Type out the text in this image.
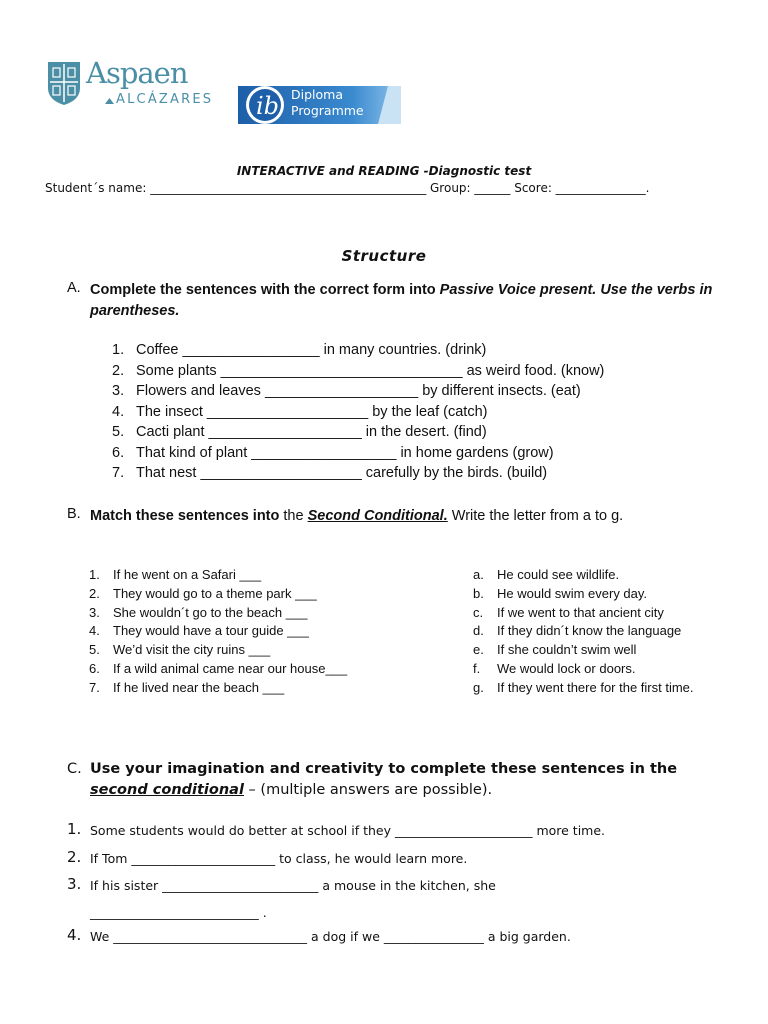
Aspaen
ALCÁZARES ib Diploma
Programme
INTERACTIVE and READING -Diagnostic test
Student´s name: ______________________________________________ Group: ______ Score: _______________.
Structure
A. Complete the sentences with the correct form into Passive Voice present. Use the verbs in parentheses.
1. Coffee _________________ in many countries. (drink)
2. Some plants ______________________________ as weird food. (know)
3. Flowers and leaves ___________________ by different insects. (eat)
4. The insect ____________________ by the leaf (catch)
5. Cacti plant ___________________ in the desert. (find)
6. That kind of plant __________________ in home gardens (grow)
7. That nest ____________________ carefully by the birds. (build)
B. Match these sentences into the Second Conditional. Write the letter from a to g.
1. If he went on a Safari ___
2. They would go to a theme park ___
3. She wouldn´t go to the beach ___
4. They would have a tour guide ___
5. We’d visit the city ruins ___
6. If a wild animal came near our house___
7. If he lived near the beach ___
a. He could see wildlife.
b. He would swim every day.
c. If we went to that ancient city
d. If they didn´t know the language
e. If she couldn’t swim well
f. We would lock or doors.
g. If they went there for the first time.
C. Use your imagination and creativity to complete these sentences in the second conditional – (multiple answers are possible).
1. Some students would do better at school if they ______________________ more time.
2. If Tom _______________________ to class, he would learn more.
3. If his sister _________________________ a mouse in the kitchen, she
___________________________ .
4. We _______________________________ a dog if we ________________ a big garden.
